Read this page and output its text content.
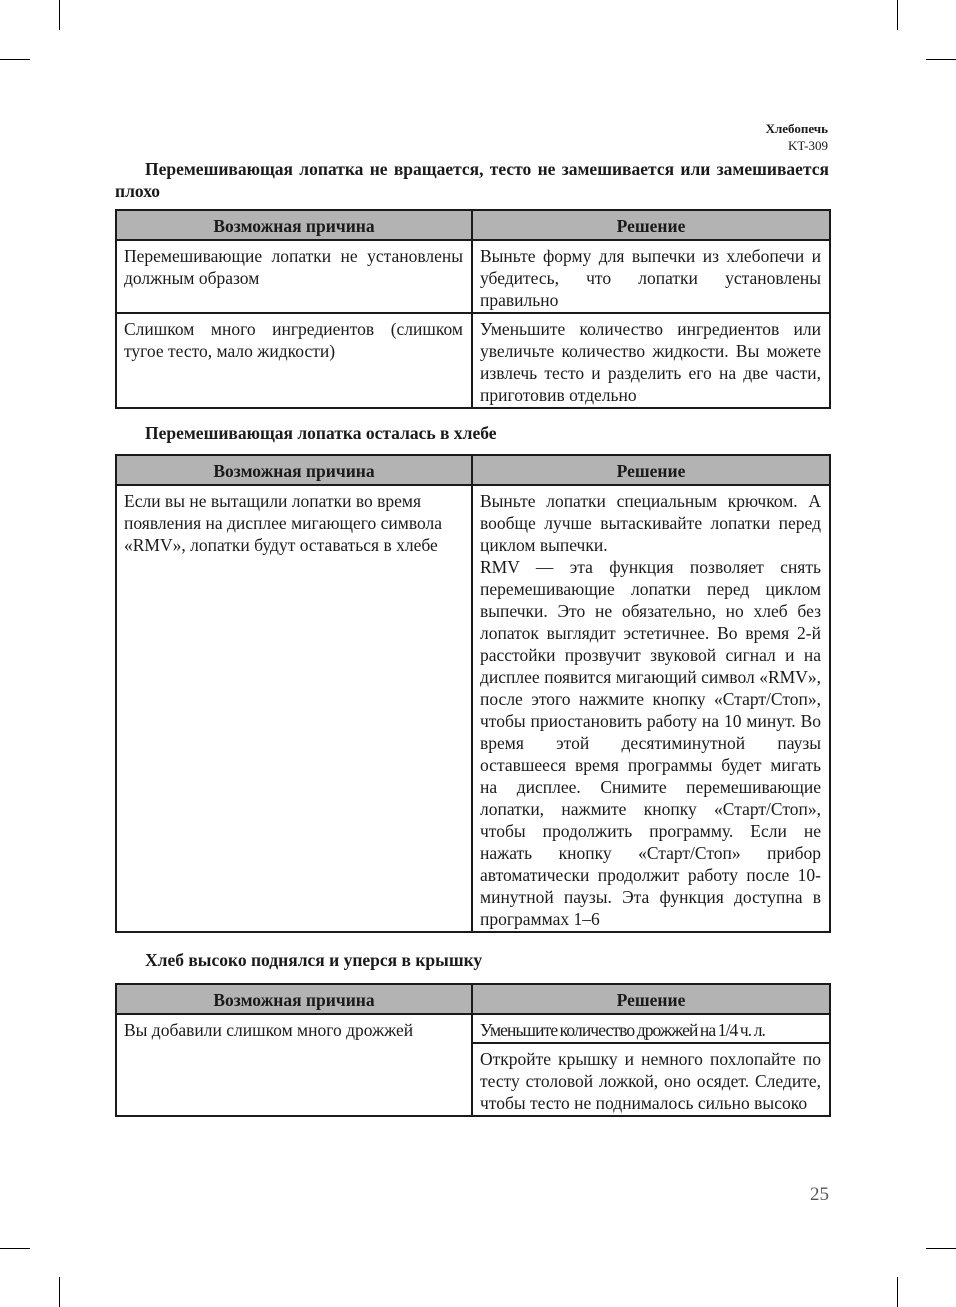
Хлебопечь
KT-309
Перемешивающая лопатка не вращается, тесто не замешивается или замешивается плохо
Возможная причина	Решение
Перемешивающие лопатки не установлены должным образом	Выньте форму для выпечки из хлебопечи и убедитесь, что лопатки установлены правильно
Слишком много ингредиентов (слишком тугое тесто, мало жидкости)	Уменьшите количество ингредиентов или увеличьте количество жидкости. Вы можете извлечь тесто и разделить его на две части, приготовив отдельно
Перемешивающая лопатка осталась в хлебе
Возможная причина	Решение
Если вы не вытащили лопатки во время появления на дисплее мигающего символа «RMV», лопатки будут оставаться в хлебе	Выньте лопатки специальным крючком. А вообще лучше вытаскивайте лопатки перед циклом выпечки.
RMV — эта функция позволяет снять перемешивающие лопатки перед циклом выпечки. Это не обязательно, но хлеб без лопаток выглядит эстетичнее. Во время 2-й расстойки прозвучит звуковой сигнал и на дисплее появится мигающий символ «RMV», после этого нажмите кнопку «Старт/Стоп», чтобы приостановить работу на 10 минут. Во время этой десятиминутной паузы оставшееся время программы будет мигать на дисплее. Снимите перемешивающие лопатки, нажмите кнопку «Старт/Стоп», чтобы продолжить программу. Если не нажать кнопку «Старт/Стоп» прибор автоматически продолжит работу после 10-минутной паузы. Эта функция доступна в программах 1–6
Хлеб высоко поднялся и уперся в крышку
Возможная причина	Решение
Вы добавили слишком много дрожжей	Уменьшите количество дрожжей на 1/4 ч. л.
	Откройте крышку и немного похлопайте по тесту столовой ложкой, оно осядет. Следите, чтобы тесто не поднималось сильно высоко
25
